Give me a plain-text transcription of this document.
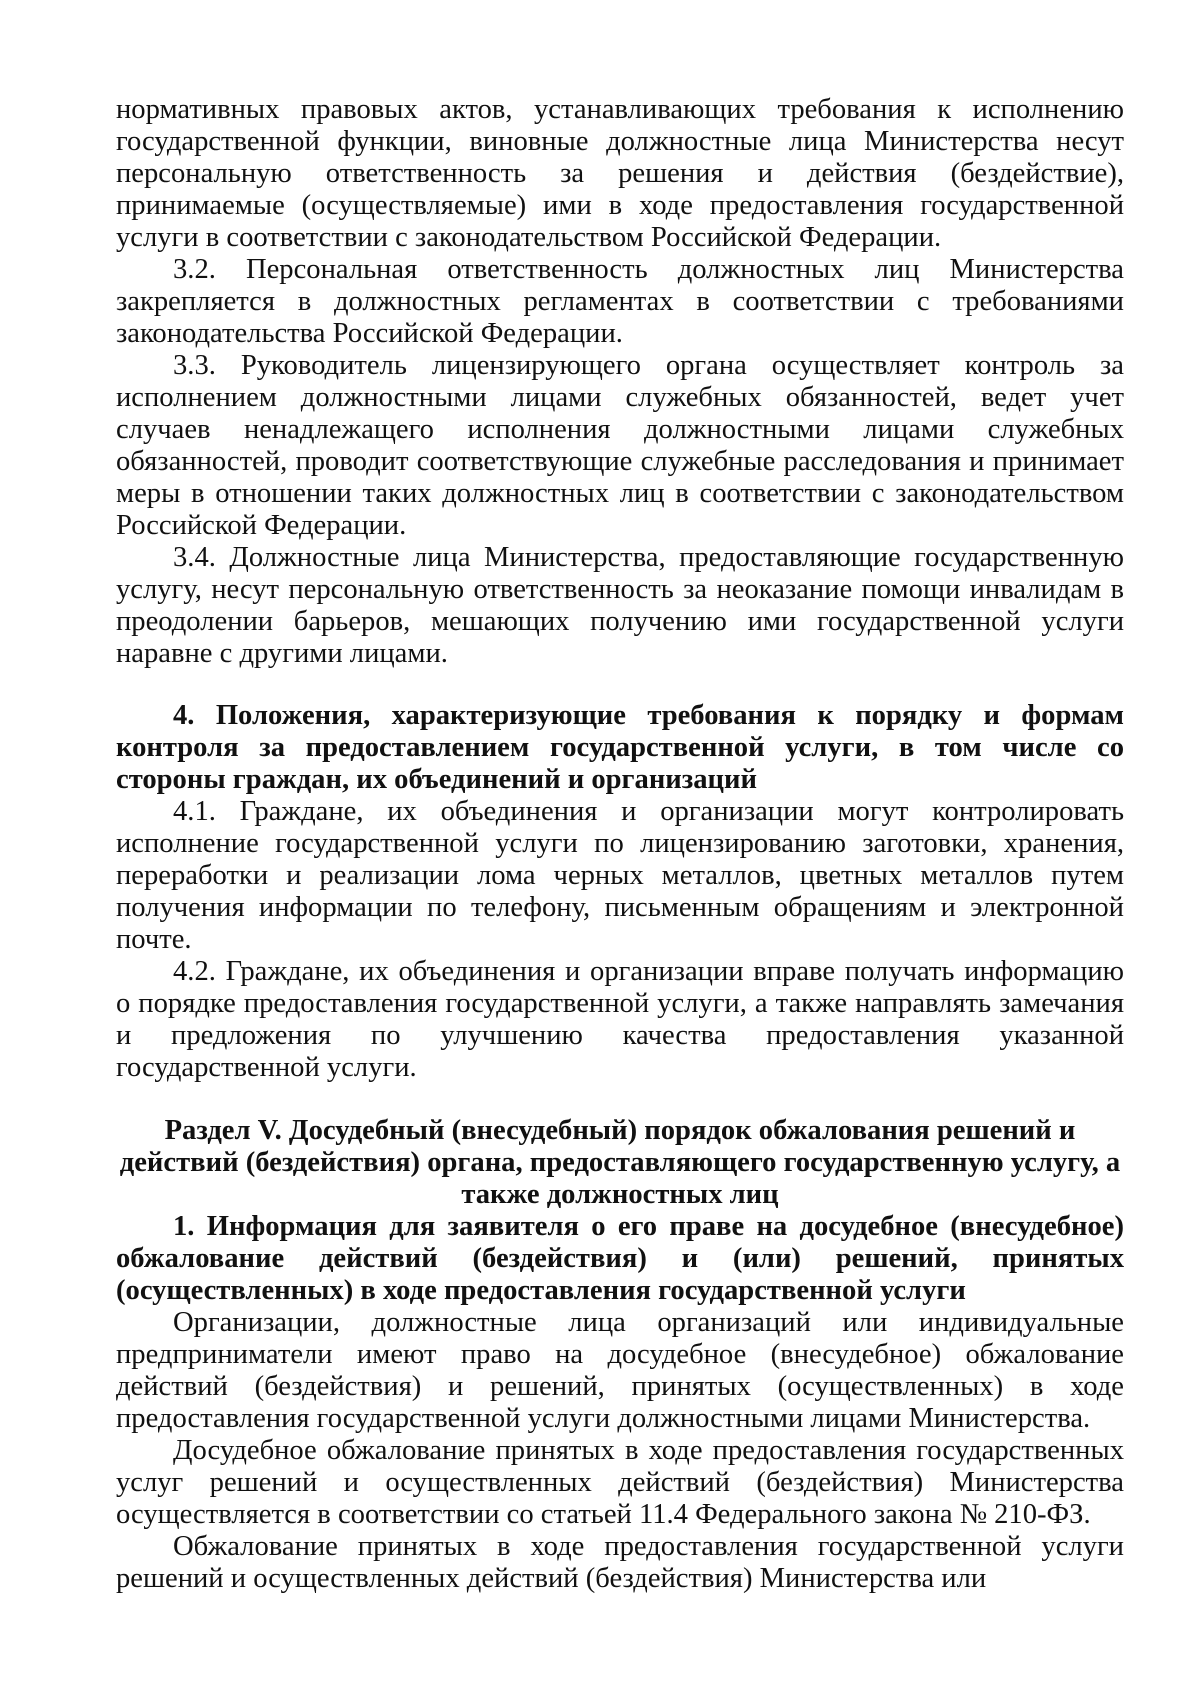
нормативных правовых актов, устанавливающих требования к исполнению государственной функции, виновные должностные лица Министерства несут персональную ответственность за решения и действия (бездействие), принимаемые (осуществляемые) ими в ходе предоставления государственной услуги в соответствии с законодательством Российской Федерации.

3.2. Персональная ответственность должностных лиц Министерства закрепляется в должностных регламентах в соответствии с требованиями законодательства Российской Федерации.

3.3. Руководитель лицензирующего органа осуществляет контроль за исполнением должностными лицами служебных обязанностей, ведет учет случаев ненадлежащего исполнения должностными лицами служебных обязанностей, проводит соответствующие служебные расследования и принимает меры в отношении таких должностных лиц в соответствии с законодательством Российской Федерации.

3.4. Должностные лица Министерства, предоставляющие государственную услугу, несут персональную ответственность за неоказание помощи инвалидам в преодолении барьеров, мешающих получению ими государственной услуги наравне с другими лицами.

4. Положения, характеризующие требования к порядку и формам контроля за предоставлением государственной услуги, в том числе со стороны граждан, их объединений и организаций

4.1. Граждане, их объединения и организации могут контролировать исполнение государственной услуги по лицензированию заготовки, хранения, переработки и реализации лома черных металлов, цветных металлов путем получения информации по телефону, письменным обращениям и электронной почте.

4.2. Граждане, их объединения и организации вправе получать информацию о порядке предоставления государственной услуги, а также направлять замечания и предложения по улучшению качества предоставления указанной государственной услуги.

Раздел V. Досудебный (внесудебный) порядок обжалования решений и действий (бездействия) органа, предоставляющего государственную услугу, а также должностных лиц

1. Информация для заявителя о его праве на досудебное (внесудебное) обжалование действий (бездействия) и (или) решений, принятых (осуществленных) в ходе предоставления государственной услуги

Организации, должностные лица организаций или индивидуальные предприниматели имеют право на досудебное (внесудебное) обжалование действий (бездействия) и решений, принятых (осуществленных) в ходе предоставления государственной услуги должностными лицами Министерства.

Досудебное обжалование принятых в ходе предоставления государственных услуг решений и осуществленных действий (бездействия) Министерства осуществляется в соответствии со статьей 11.4 Федерального закона № 210-ФЗ.

Обжалование принятых в ходе предоставления государственной услуги решений и осуществленных действий (бездействия) Министерства или
